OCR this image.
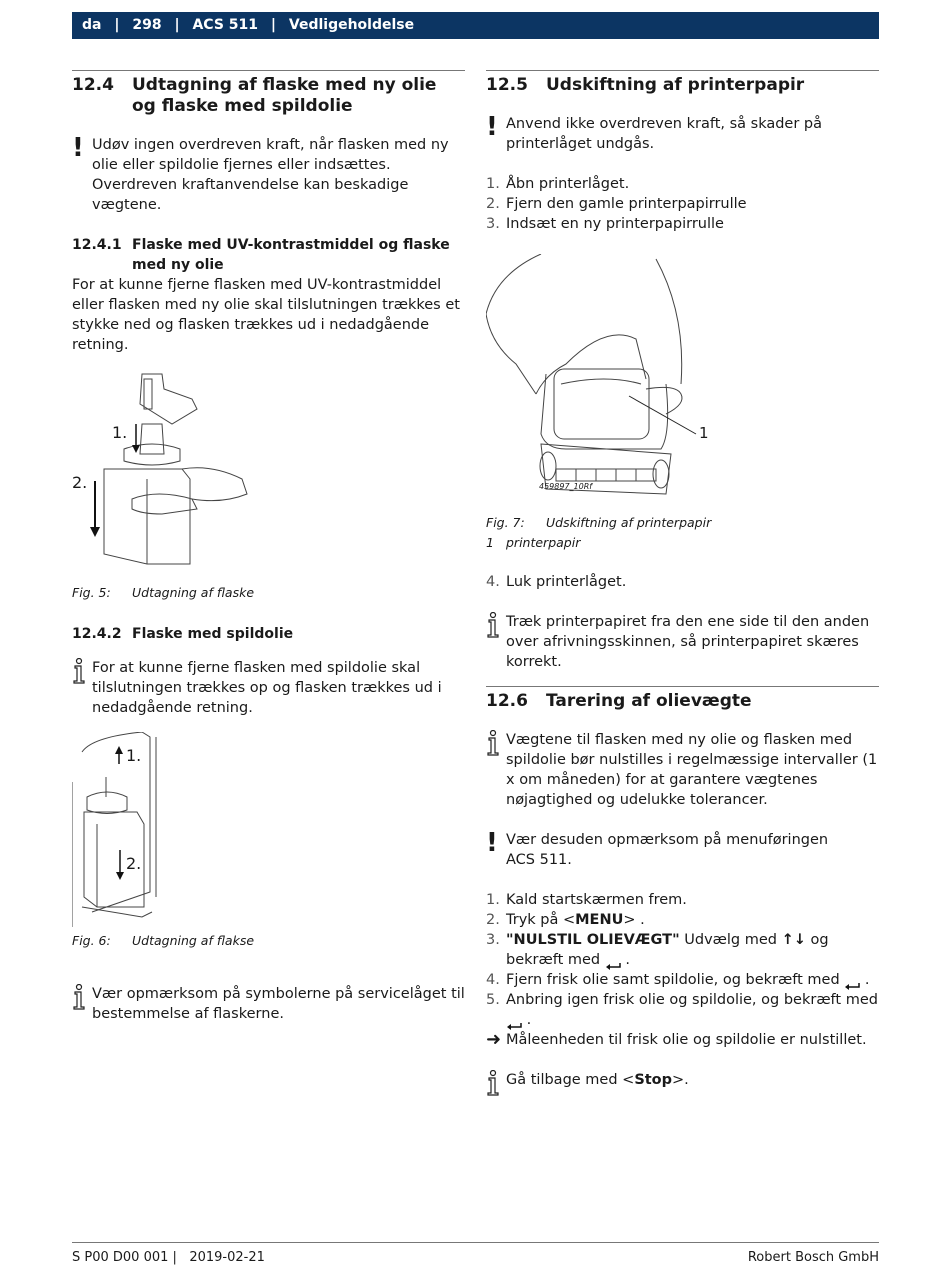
da | 298 | ACS 511 | Vedligeholdelse
12.4	Udtagning af flaske med ny olie og flaske med spildolie
! Udøv ingen overdreven kraft, når flasken med ny olie eller spildolie fjernes eller indsættes. Overdreven kraftanvendelse kan beskadige vægtene.

12.4.1 Flaske med UV-kontrastmiddel og flaske med ny olie

For at kunne fjerne flasken med UV-kontrastmiddel eller flasken med ny olie skal tilslutningen trækkes et stykke ned og flasken trækkes ud i nedadgående retning.

1.
2.
Fig. 5:	Udtagning af flaske
12.4.2 Flaske med spildolie

For at kunne fjerne flasken med spildolie skal tilslutningen trækkes op og flasken trækkes ud i nedadgående retning.

1.
2.
Fig. 6:	Udtagning af flakse

Vær opmærksom på symbolerne på servicelåget til bestemmelse af flaskerne.

12.5	Udskiftning af printerpapir
! Anvend ikke overdreven kraft, så skader på printerlåget undgås.

1. Åbn printerlåget.
2. Fjern den gamle printerpapirrulle
3. Indsæt en ny printerpapirrulle
1
459897_10Rf
Fig. 7:	Udskiftning af printerpapir
1 printerpapir
4. Luk printerlåget.

Træk printerpapiret fra den ene side til den anden over afrivningsskinnen, så printerpapiret skæres korrekt.

12.6	Tarering af olievægte

Vægtene til flasken med ny olie og flasken med spildolie bør nulstilles i regelmæssige intervaller (1 x om måneden) for at garantere vægtenes nøjagtighed og udelukke tolerancer.

! Vær desuden opmærksom på menuføringen
ACS 511.

1. Kald startskærmen frem.
2. Tryk på <MENU> .
3. "NULSTIL OLIEVÆGT" Udvælg med ↑↓ og bekræft med  .
4. Fjern frisk olie samt spildolie, og bekræft med  .
5. Anbring igen frisk olie og spildolie, og bekræft med
.
➜ Måleenheden til frisk olie og spildolie er nulstillet.

Gå tilbage med <Stop>.

S P00 D00 001 |   2019-02-21	Robert Bosch GmbH
